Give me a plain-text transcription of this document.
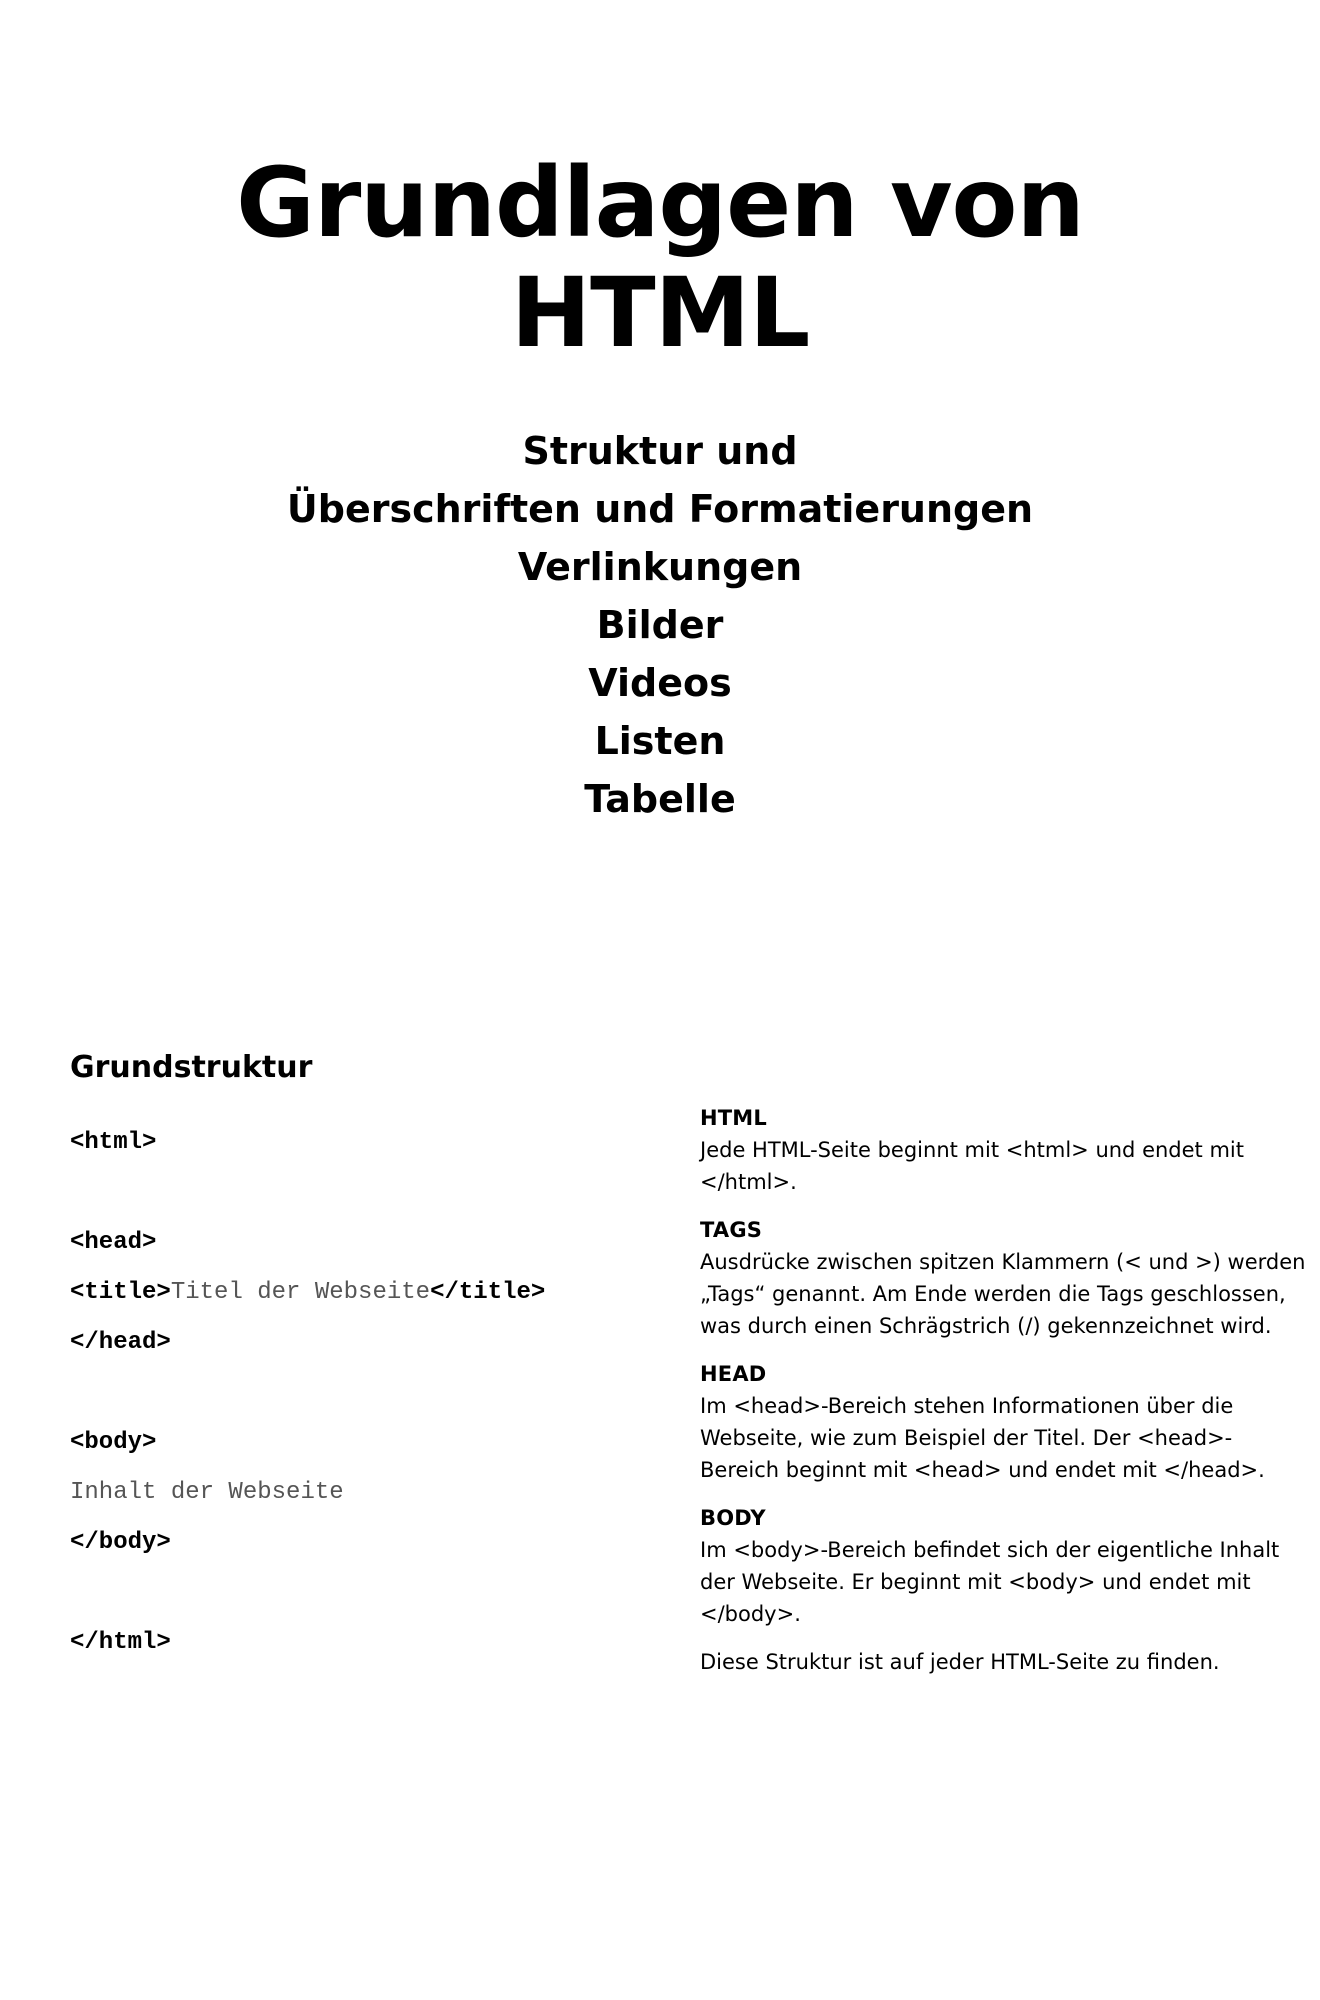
Grundlagen von
HTML
Struktur und
Überschriften und Formatierungen
Verlinkungen
Bilder
Videos
Listen
Tabelle
Grundstruktur
<html>
<head>
<title>Titel der Webseite</title>
</head>
<body>
Inhalt der Webseite
</body>
</html>
HTML
Jede HTML-Seite beginnt mit <html> und endet mit </html>.
TAGS
Ausdrücke zwischen spitzen Klammern (< und >) werden „Tags“ genannt. Am Ende werden die Tags geschlossen, was durch einen Schrägstrich (/) gekennzeichnet wird.
HEAD
Im <head>-Bereich stehen Informationen über die Webseite, wie zum Beispiel der Titel. Der <head>-Bereich beginnt mit <head> und endet mit </head>.
BODY
Im <body>-Bereich befindet sich der eigentliche Inhalt der Webseite. Er beginnt mit <body> und endet mit </body>.
Diese Struktur ist auf jeder HTML-Seite zu finden.
